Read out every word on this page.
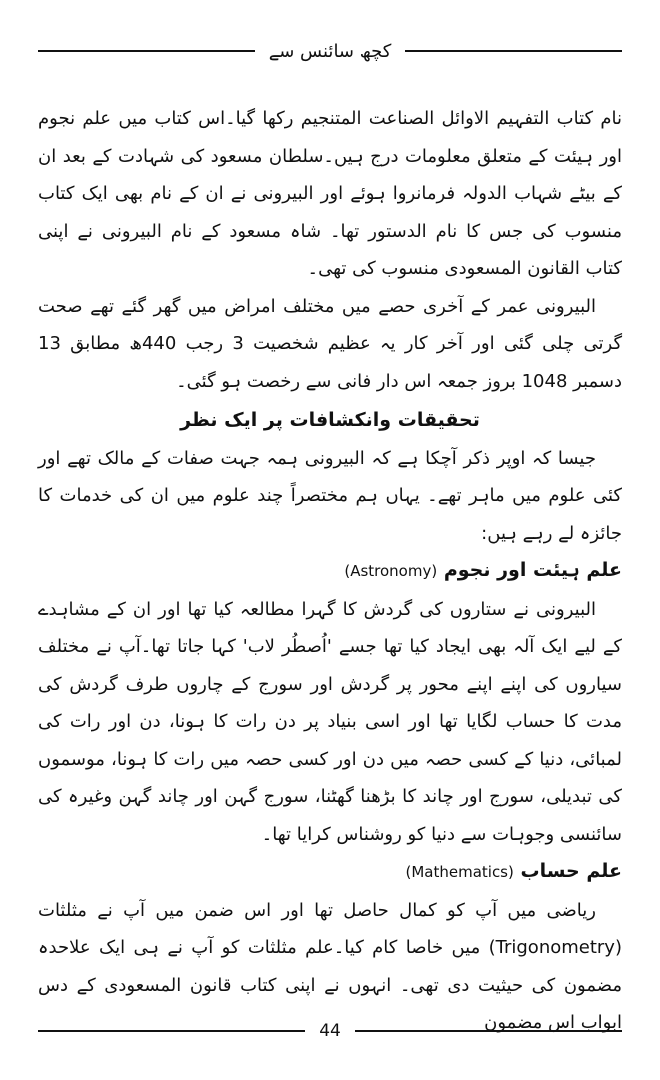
کچھ سائنس سے

نام کتاب التفہیم الاوائل الصناعت المتنجیم رکھا گیا۔اس کتاب میں علم نجوم اور ہیئت کے متعلق معلومات درج ہیں۔سلطان مسعود کی شہادت کے بعد ان کے بیٹے شہاب الدولہ فرمانروا ہوئے اور البیرونی نے ان کے نام بھی ایک کتاب منسوب کی جس کا نام الدستور تھا۔ شاہ مسعود کے نام البیرونی نے اپنی کتاب القانون المسعودی منسوب کی تھی۔

البیرونی عمر کے آخری حصے میں مختلف امراض میں گھر گئے تھے صحت گرتی چلی گئی اور آخر کار یہ عظیم شخصیت 3 رجب 440ھ مطابق 13 دسمبر 1048 بروز جمعہ اس دار فانی سے رخصت ہو گئی۔

تحقیقات وانکشافات پر ایک نظر

جیسا کہ اوپر ذکر آچکا ہے کہ البیرونی ہمہ جہت صفات کے مالک تھے اور کئی علوم میں ماہر تھے۔ یہاں ہم مختصراً چند علوم میں ان کی خدمات کا جائزہ لے رہے ہیں:

علم ہیئت اور نجوم (Astronomy)

البیرونی نے ستاروں کی گردش کا گہرا مطالعہ کیا تھا اور ان کے مشاہدے کے لیے ایک آلہ بھی ایجاد کیا تھا جسے 'اُصطُر لاب' کہا جاتا تھا۔آپ نے مختلف سیاروں کی اپنے اپنے محور پر گردش اور سورج کے چاروں طرف گردش کی مدت کا حساب لگایا تھا اور اسی بنیاد پر دن رات کا ہونا، دن اور رات کی لمبائی، دنیا کے کسی حصہ میں دن اور کسی حصہ میں رات کا ہونا، موسموں کی تبدیلی، سورج اور چاند کا بڑھنا گھٹنا، سورج گہن اور چاند گہن وغیرہ کی سائنسی وجوہات سے دنیا کو روشناس کرایا تھا۔

علم حساب (Mathematics)

ریاضی میں آپ کو کمال حاصل تھا اور اس ضمن میں آپ نے مثلثات (Trigonometry) میں خاصا کام کیا۔علم مثلثات کو آپ نے ہی ایک علاحدہ مضمون کی حیثیت دی تھی۔ انہوں نے اپنی کتاب قانون المسعودی کے دس ابواب اس مضمون

44
